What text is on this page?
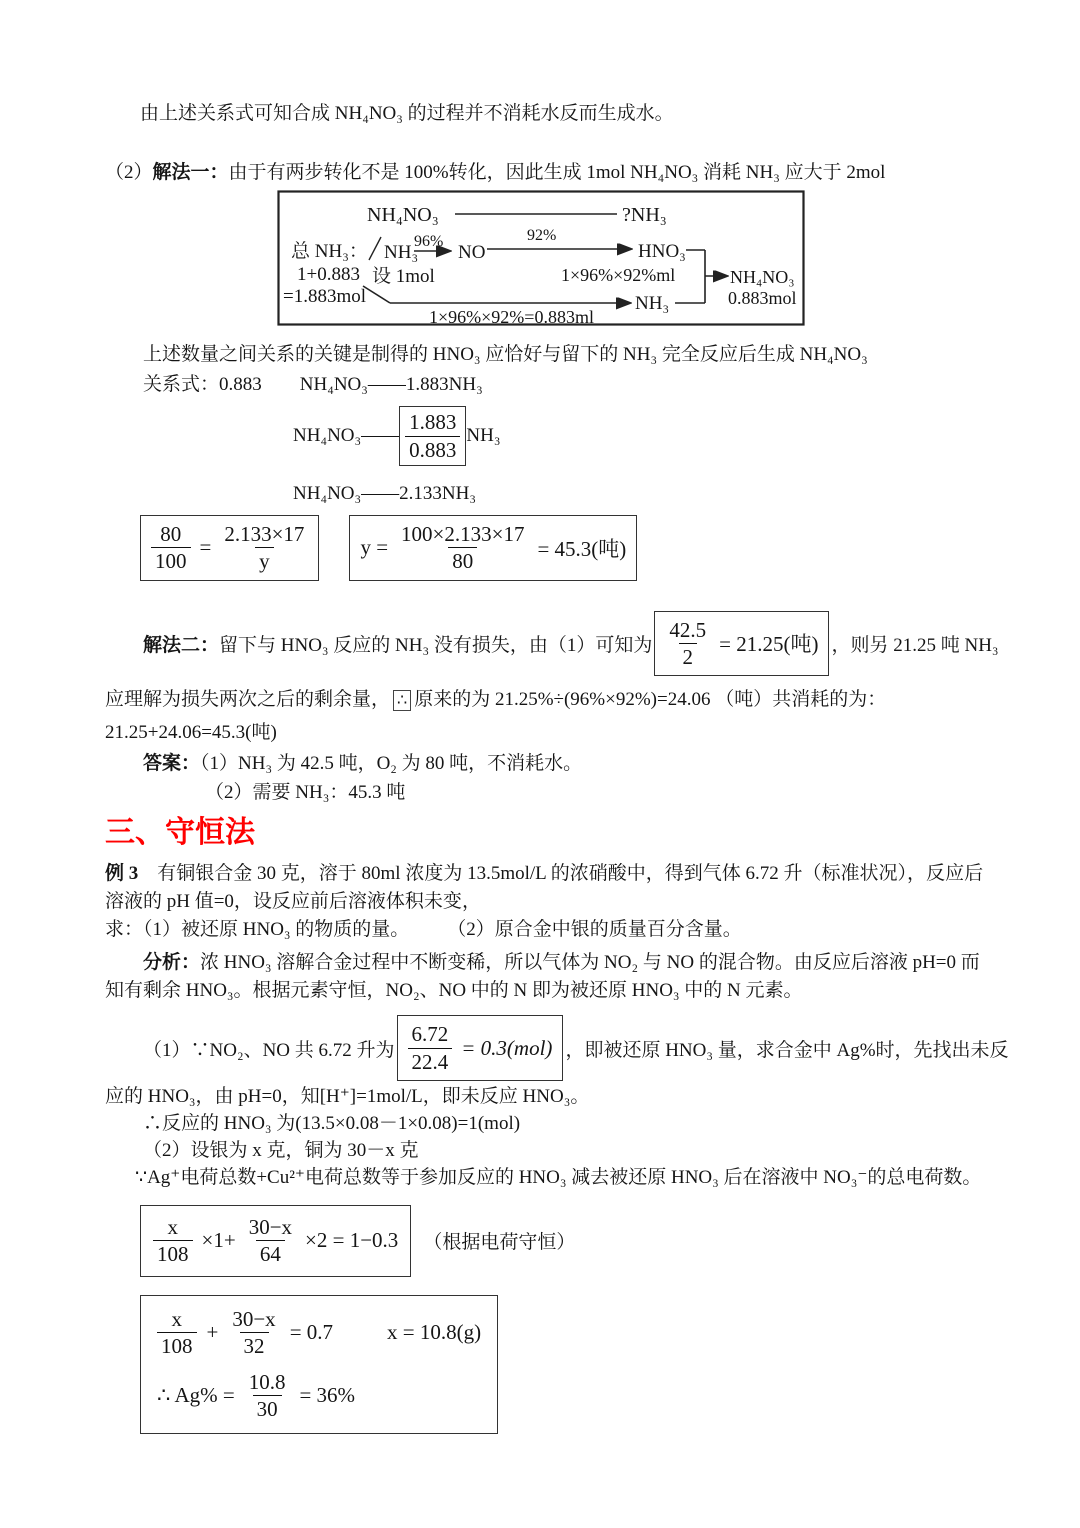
由上述关系式可知合成 NH₄NO₃ 的过程并不消耗水反而生成水。
（2）解法一：由于有两步转化不是 100%转化，因此生成 1mol NH₄NO₃ 消耗 NH₃ 应大于 2mol
NH₄NO₃	?NH₃
总 NH₃： NH₃
96%
NO
92%
HNO₃
1+0.883 设 1mol
=1.883mol
1×96%×92%ml
NH₃
1×96%×92%=0.883ml
NH₄NO₃
0.883mol
上述数量之间关系的关键是制得的 HNO₃ 应恰好与留下的 NH₃ 完全反应后生成 NH₄NO₃
关系式：0.883　　NH₄NO₃——1.883NH₃
NH₄NO₃—— $\frac{1.883}{0.883} NH_3$
NH₄NO₃——2.133NH₃
$\frac{80}{100} = \frac{2.133\times 17}{y}$ $y = \frac{100\times 2.133\times 17}{80} = 45.3$(吨)
解法二： 留下与 HNO₃ 反应的 NH₃ 没有损失，由（1）可知为 $\frac{42.5}{2} = 21.25$(吨) ，则另 21.25 吨 NH₃
应理解为损失两次之后的剩余量， ∴ 原来的为 21.25%÷(96%×92%)=24.06 （吨）共消耗的为：
21.25+24.06=45.3(吨)
答案：（1）NH₃ 为 42.5 吨，O₂ 为 80 吨，不消耗水。
（2）需要 NH₃：45.3 吨
三、守恒法
例 3　有铜银合金 30 克，溶于 80ml 浓度为 13.5mol/L 的浓硝酸中，得到气体 6.72 升（标准状况），反应后
溶液的 pH 值=0，设反应前后溶液体积未变，
求：（1）被还原 HNO₃ 的物质的量。　　　（2）原合金中银的质量百分含量。
分析：浓 HNO₃ 溶解合金过程中不断变稀，所以气体为 NO₂ 与 NO 的混合物。由反应后溶液 pH=0 而
知有剩余 HNO₃。根据元素守恒，NO₂、NO 中的 N 即为被还原 HNO₃ 中的 N 元素。
（1）∵NO₂、NO 共 6.72 升为 $\frac{6.72}{22.4} = 0.3(mol)$ ，即被还原 HNO₃ 量，求合金中 Ag%时，先找出未反
应的 HNO₃，由 pH=0，知[H⁺]=1mol/L，即未反应 HNO₃。
∴反应的 HNO₃ 为(13.5×0.08－1×0.08)=1(mol)
（2）设银为 x 克，铜为 30－x 克
∵Ag⁺电荷总数+Cu²⁺电荷总数等于参加反应的 HNO₃ 减去被还原 HNO₃ 后在溶液中 NO₃⁻的总电荷数。
$\frac{x}{108} \times 1+ \frac{30-x}{64} \times 2 = 1-0.3$ （根据电荷守恒）
$\frac{x}{108} + \frac{30-x}{32} = 0.7$	x = 10.8(g)
∴ $Ag\% = \frac{10.8}{30} = 36\%$
